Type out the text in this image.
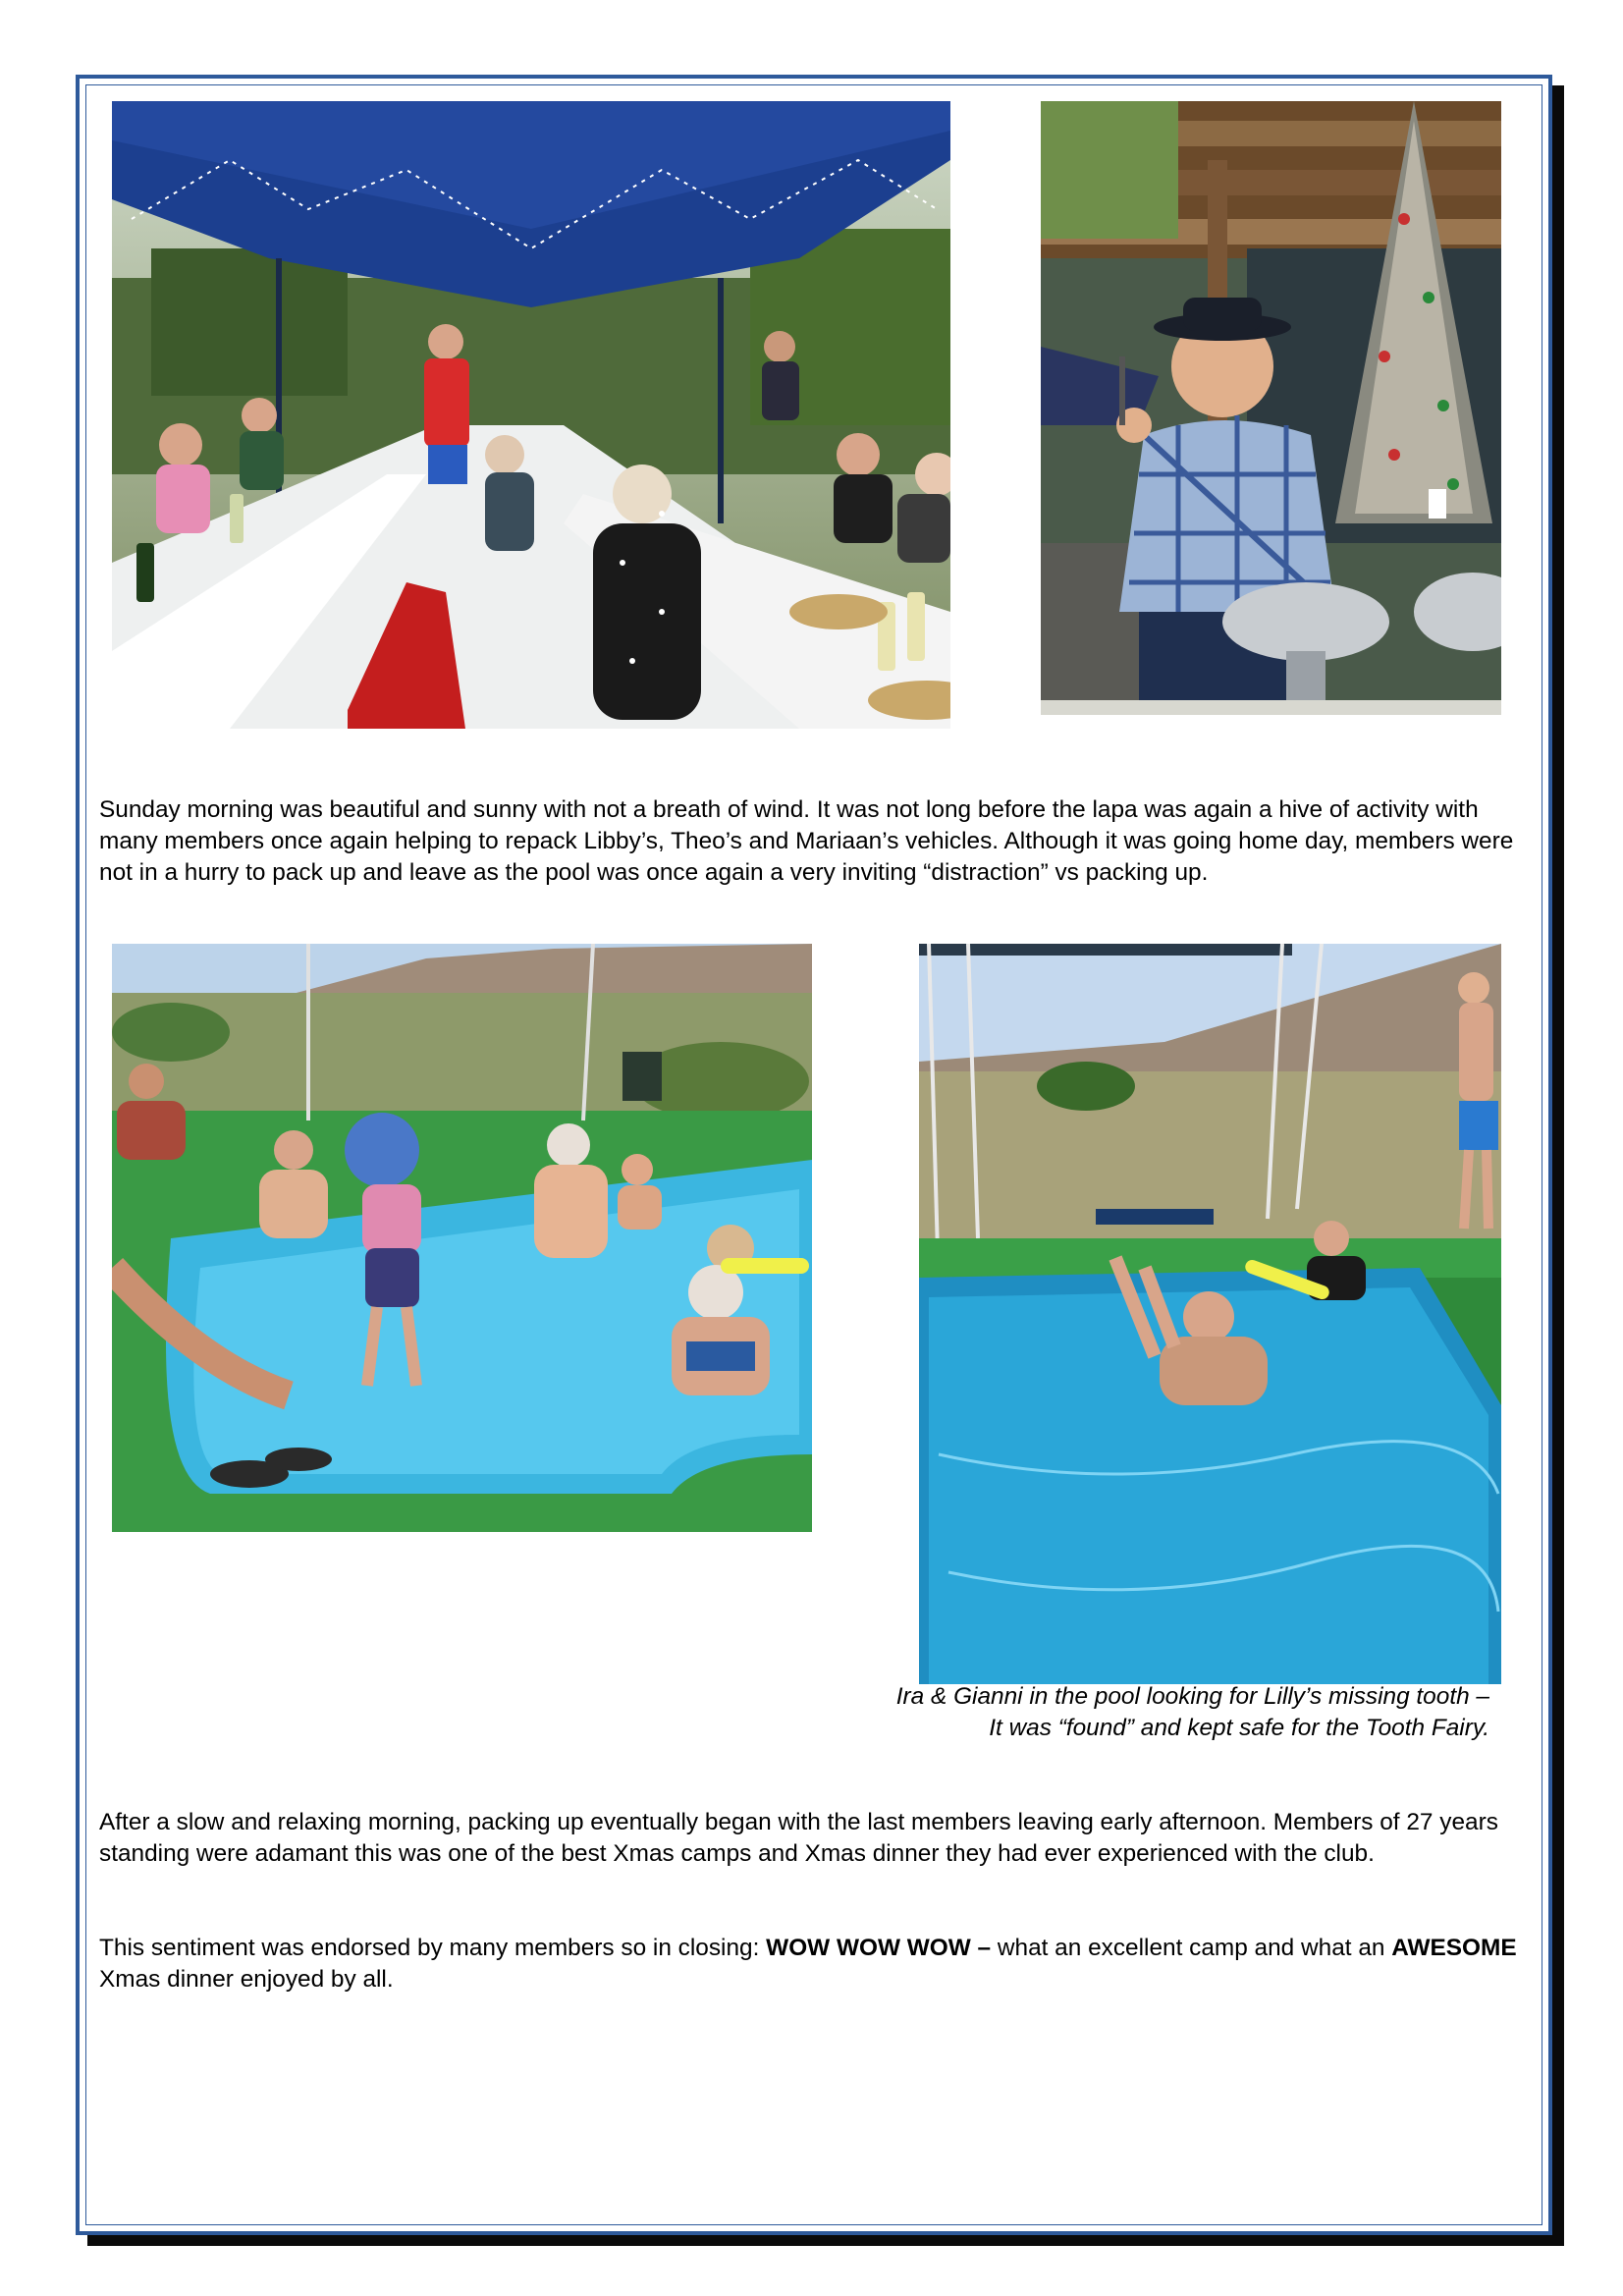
Sunday morning was beautiful and sunny with not a breath of wind. It was not long before the lapa was again a hive of activity with many members once again helping to repack Libby’s, Theo’s and Mariaan’s vehicles. Although it was going home day, members were not in a hurry to pack up and leave as the pool was once again a very inviting “distraction” vs packing up.

Ira & Gianni in the pool looking for Lilly’s missing tooth –
It was “found” and kept safe for the Tooth Fairy.

After a slow and relaxing morning, packing up eventually began with the last members leaving early afternoon. Members of 27 years standing were adamant this was one of the best Xmas camps and Xmas dinner they had ever experienced with the club.

This sentiment was endorsed by many members so in closing: WOW WOW WOW – what an excellent camp and what an AWESOME Xmas dinner enjoyed by all.
